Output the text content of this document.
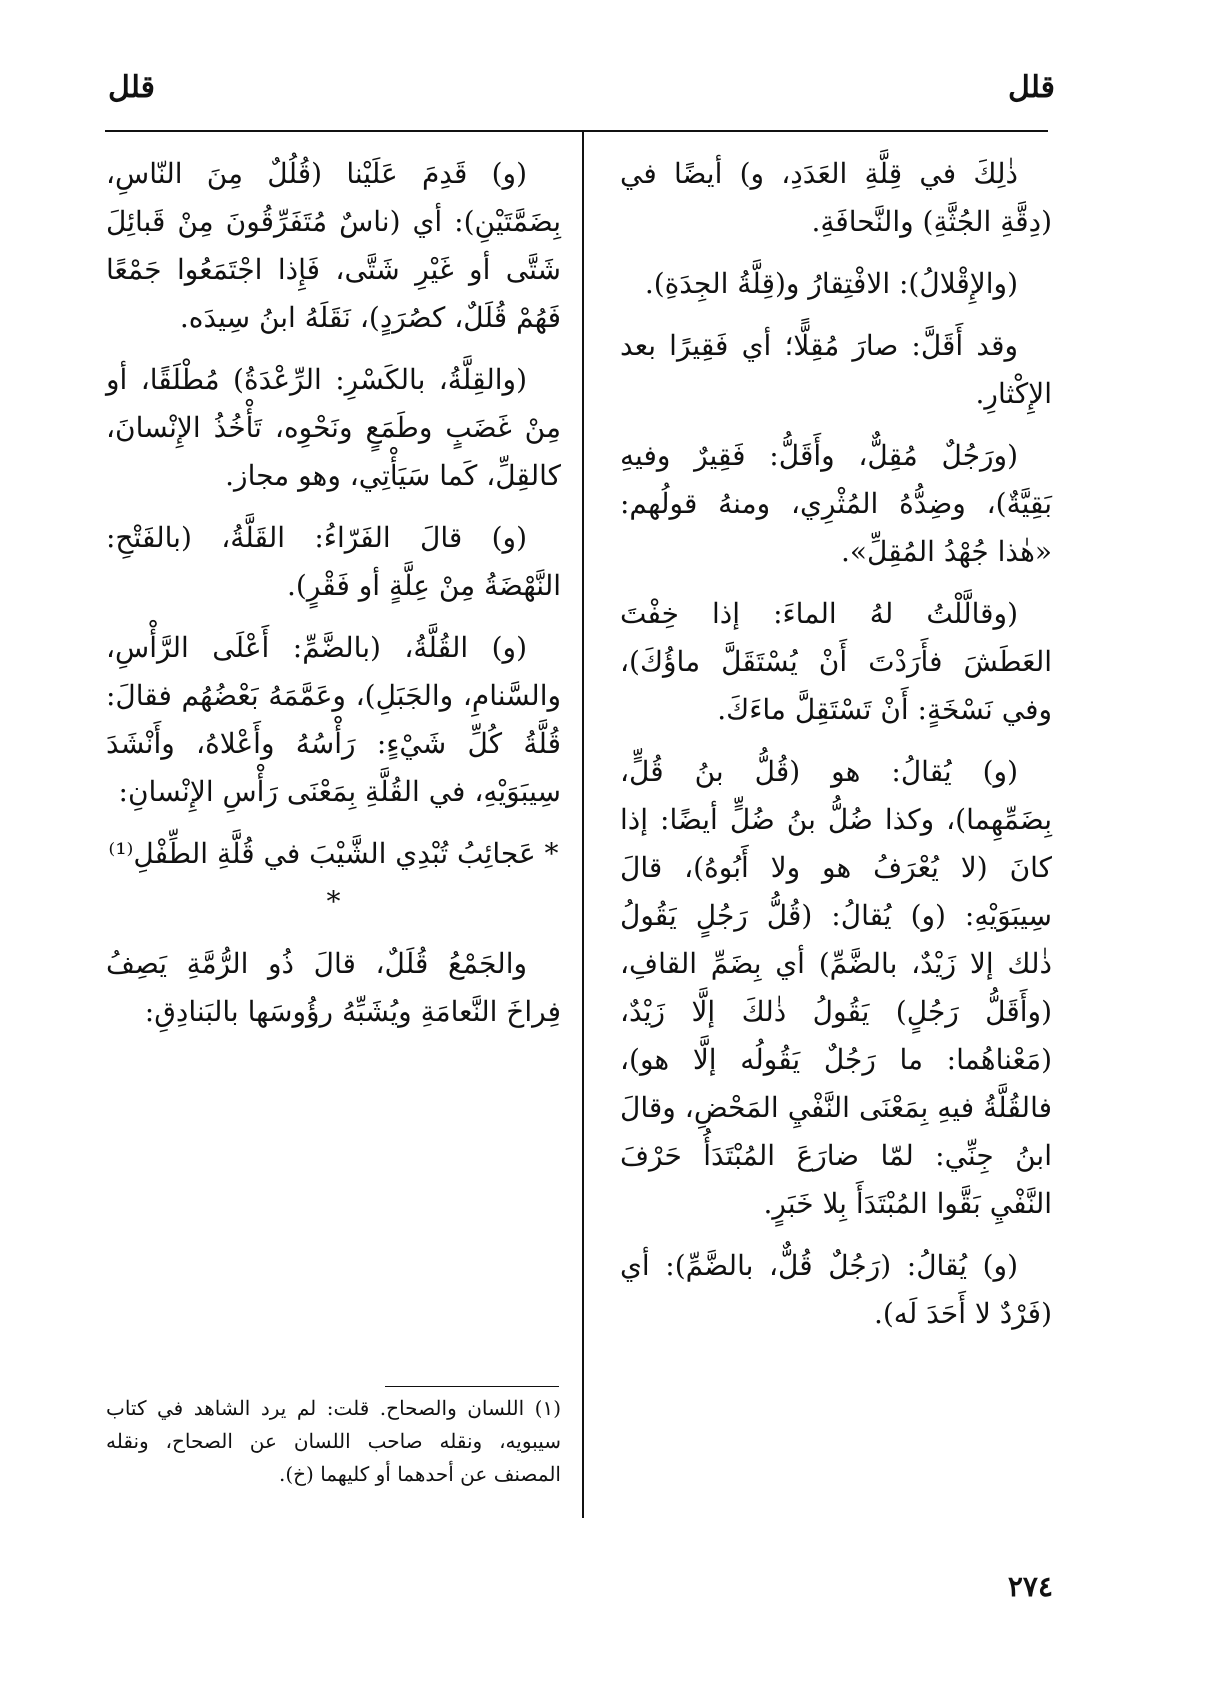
قلل
قلل

ذٰلِكَ في قِلَّةِ العَدَدِ، و) أيضًا في (دِقَّةِ الجُثَّةِ) والنَّحافَةِ.

(والإِقْلالُ): الافْتِقارُ و(قِلَّةُ الجِدَةِ).

وقد أَقَلَّ: صارَ مُقِلًّا؛ أي فَقِيرًا بعد الإِكْثارِ.

(ورَجُلٌ مُقِلٌّ، وأَقَلُّ: فَقِيرٌ وفيهِ بَقِيَّةٌ)، وضِدُّهُ المُثْرِي، ومنهُ قولُهم: «هٰذا جُهْدُ المُقِلِّ».

(وقالَّلْتُ لهُ الماءَ: إذا خِفْتَ العَطَشَ فأَرَدْتَ أَنْ يُسْتَقَلَّ ماؤُكَ)، وفي نَسْخَةٍ: أَنْ تَسْتَقِلَّ ماءَكَ.

(و) يُقالُ: هو (قُلُّ بنُ قُلٍّ، بِضَمِّهِما)، وكذا ضُلُّ بنُ ضُلٍّ أيضًا: إذا كانَ (لا يُعْرَفُ هو ولا أَبُوهُ)، قالَ سِيبَوَيْهِ: (و) يُقالُ: (قُلُّ رَجُلٍ يَقُولُ ذٰلك إلا زَيْدٌ، بالضَّمِّ) أي بِضَمِّ القافِ، (وأَقَلُّ رَجُلٍ) يَقُولُ ذٰلكَ إلَّا زَيْدٌ، (مَعْناهُما: ما رَجُلٌ يَقُولُه إلَّا هو)، فالقُلَّةُ فيهِ بِمَعْنَى النَّفْيِ المَحْضِ، وقالَ ابنُ جِنِّي: لمّا ضارَعَ المُبْتَدَأُ حَرْفَ النَّفْيِ بَقَّوا المُبْتَدَأَ بِلا خَبَرٍ.

(و) يُقالُ: (رَجُلٌ قُلٌّ، بالضَّمِّ): أي (فَرْدٌ لا أَحَدَ لَه).

(و) قَدِمَ عَلَيْنا (قُلُلٌ مِنَ النّاسِ، بِضَمَّتَيْنِ): أي (ناسٌ مُتَفَرِّقُونَ مِنْ قَبائِلَ شَتَّى أو غَيْرِ شَتَّى، فَإِذا اجْتَمَعُوا جَمْعًا فَهُمْ قُلَلٌ، كصُرَدٍ)، نَقَلَهُ ابنُ سِيدَه.

(والقِلَّةُ، بالكَسْرِ: الرِّعْدَةُ) مُطْلَقًا، أو مِنْ غَضَبٍ وطَمَعٍ ونَحْوِه، تَأْخُذُ الإِنْسانَ، كالقِلِّ، كَما سَيَأْتِي، وهو مجاز.

(و) قالَ الفَرّاءُ: القَلَّةُ، (بالفَتْحِ: النَّهْضَةُ مِنْ عِلَّةٍ أو فَقْرٍ).

(و) القُلَّةُ، (بالضَّمِّ: أَعْلَى الرَّأْسِ، والسَّنامِ، والجَبَلِ)، وعَمَّمَهُ بَعْضُهُم فقالَ: قُلَّةُ كُلِّ شَيْءٍ: رَأْسُهُ وأَعْلاهُ، وأَنْشَدَ سِيبَوَيْهِ، في القُلَّةِ بِمَعْنَى رَأْسِ الإِنْسانِ:

* عَجائِبُ تُبْدِي الشَّيْبَ في قُلَّةِ الطِّفْلِ⁽¹⁾ *

والجَمْعُ قُلَلٌ، قالَ ذُو الرُّمَّةِ يَصِفُ فِراخَ النَّعامَةِ ويُشَبِّهُ رؤُوسَها بالبَنادِقِ:

(١) اللسان والصحاح. قلت: لم يرد الشاهد في كتاب سيبويه، ونقله صاحب اللسان عن الصحاح، ونقله المصنف عن أحدهما أو كليهما (خ).
٢٧٤
